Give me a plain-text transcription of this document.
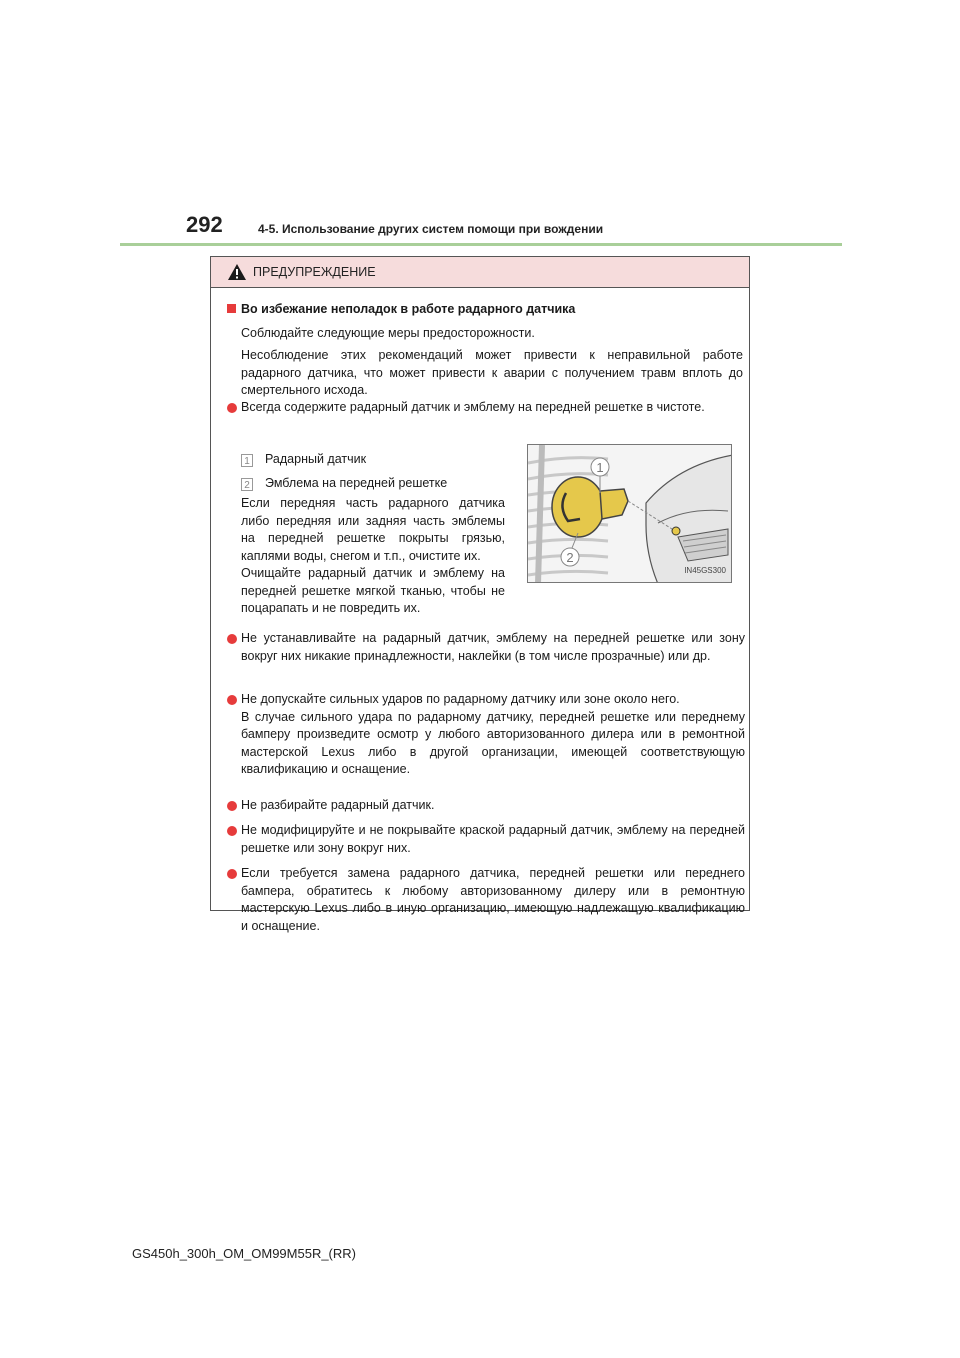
292	4-5. Использование других систем помощи при вождении
ПРЕДУПРЕЖДЕНИЕ
Во избежание неполадок в работе радарного датчика
Соблюдайте следующие меры предосторожности.
Несоблюдение этих рекомендаций может привести к неправильной работе радарного датчика, что может привести к аварии с получением травм вплоть до смертельного исхода.
Всегда содержите радарный датчик и эмблему на передней решетке в чистоте.
1 Радарный датчик
2 Эмблема на передней решетке
Если передняя часть радарного датчика либо передняя или задняя часть эмблемы на передней решетке покрыты грязью, каплями воды, снегом и т.п., очистите их.
Очищайте радарный датчик и эмблему на передней решетке мягкой тканью, чтобы не поцарапать и не повредить их.
1
2
IN45GS300
Не устанавливайте на радарный датчик, эмблему на передней решетке или зону вокруг них никакие принадлежности, наклейки (в том числе прозрачные) или др.
Не допускайте сильных ударов по радарному датчику или зоне около него.
В случае сильного удара по радарному датчику, передней решетке или переднему бамперу произведите осмотр у любого авторизованного дилера или в ремонтной мастерской Lexus либо в другой организации, имеющей соответствующую квалификацию и оснащение.
Не разбирайте радарный датчик.
Не модифицируйте и не покрывайте краской радарный датчик, эмблему на передней решетке или зону вокруг них.
Если требуется замена радарного датчика, передней решетки или переднего бампера, обратитесь к любому авторизованному дилеру или в ремонтную мастерскую Lexus либо в иную организацию, имеющую надлежащую квалификацию и оснащение.
GS450h_300h_OM_OM99M55R_(RR)
